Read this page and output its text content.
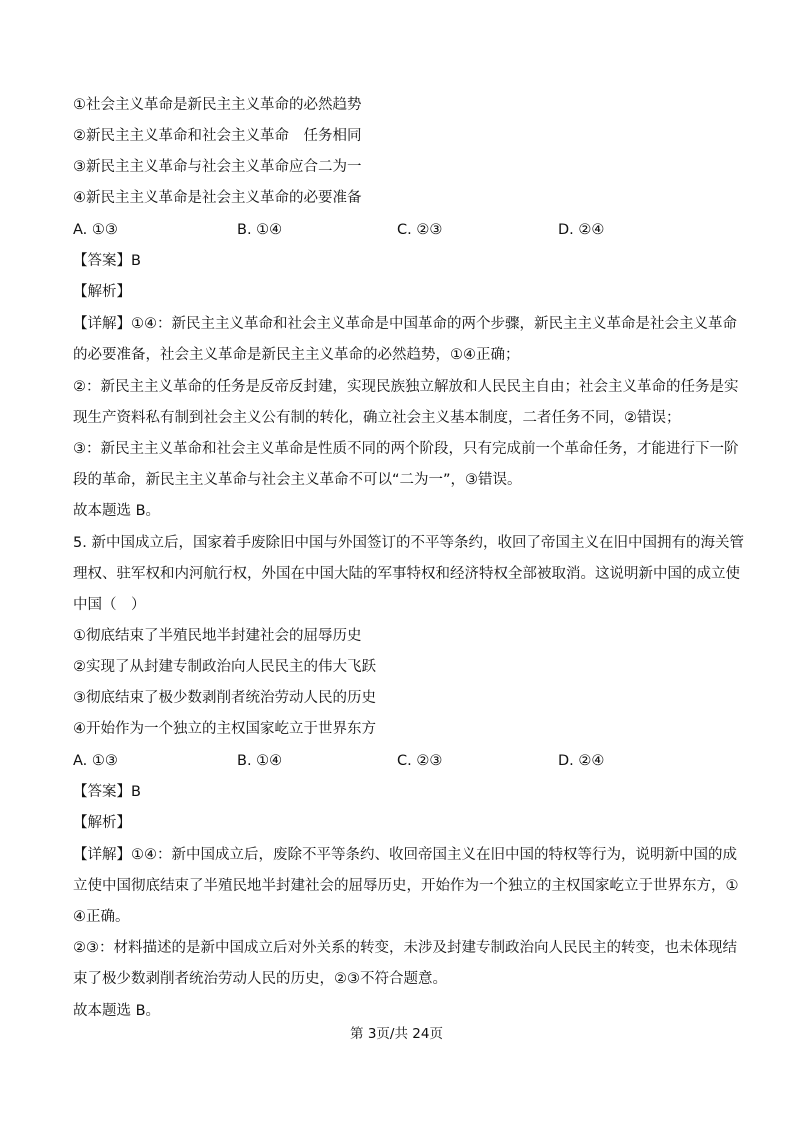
①社会主义革命是新民主主义革命的必然趋势
②新民主主义革命和社会主义革命　任务相同
③新民主主义革命与社会主义革命应合二为一
④新民主主义革命是社会主义革命的必要准备
A. ①③	B. ①④	C. ②③	D. ②④
【答案】B
【解析】
【详解】①④：新民主主义革命和社会主义革命是中国革命的两个步骤，新民主主义革命是社会主义革命
的必要准备，社会主义革命是新民主主义革命的必然趋势，①④正确；
②：新民主主义革命的任务是反帝反封建，实现民族独立解放和人民民主自由；社会主义革命的任务是实
现生产资料私有制到社会主义公有制的转化，确立社会主义基本制度，二者任务不同，②错误；
③：新民主主义革命和社会主义革命是性质不同的两个阶段，只有完成前一个革命任务，才能进行下一阶
段的革命，新民主主义革命与社会主义革命不可以“二为一”，③错误。
故本题选 B。
5. 新中国成立后，国家着手废除旧中国与外国签订的不平等条约，收回了帝国主义在旧中国拥有的海关管
理权、驻军权和内河航行权，外国在中国大陆的军事特权和经济特权全部被取消。这说明新中国的成立使
中国（　）
①彻底结束了半殖民地半封建社会的屈辱历史
②实现了从封建专制政治向人民民主的伟大飞跃
③彻底结束了极少数剥削者统治劳动人民的历史
④开始作为一个独立的主权国家屹立于世界东方
A. ①③	B. ①④	C. ②③	D. ②④
【答案】B
【解析】
【详解】①④：新中国成立后，废除不平等条约、收回帝国主义在旧中国的特权等行为，说明新中国的成
立使中国彻底结束了半殖民地半封建社会的屈辱历史，开始作为一个独立的主权国家屹立于世界东方，①
④正确。
②③：材料描述的是新中国成立后对外关系的转变，未涉及封建专制政治向人民民主的转变，也未体现结
束了极少数剥削者统治劳动人民的历史，②③不符合题意。
故本题选 B。
第 3页/共 24页
